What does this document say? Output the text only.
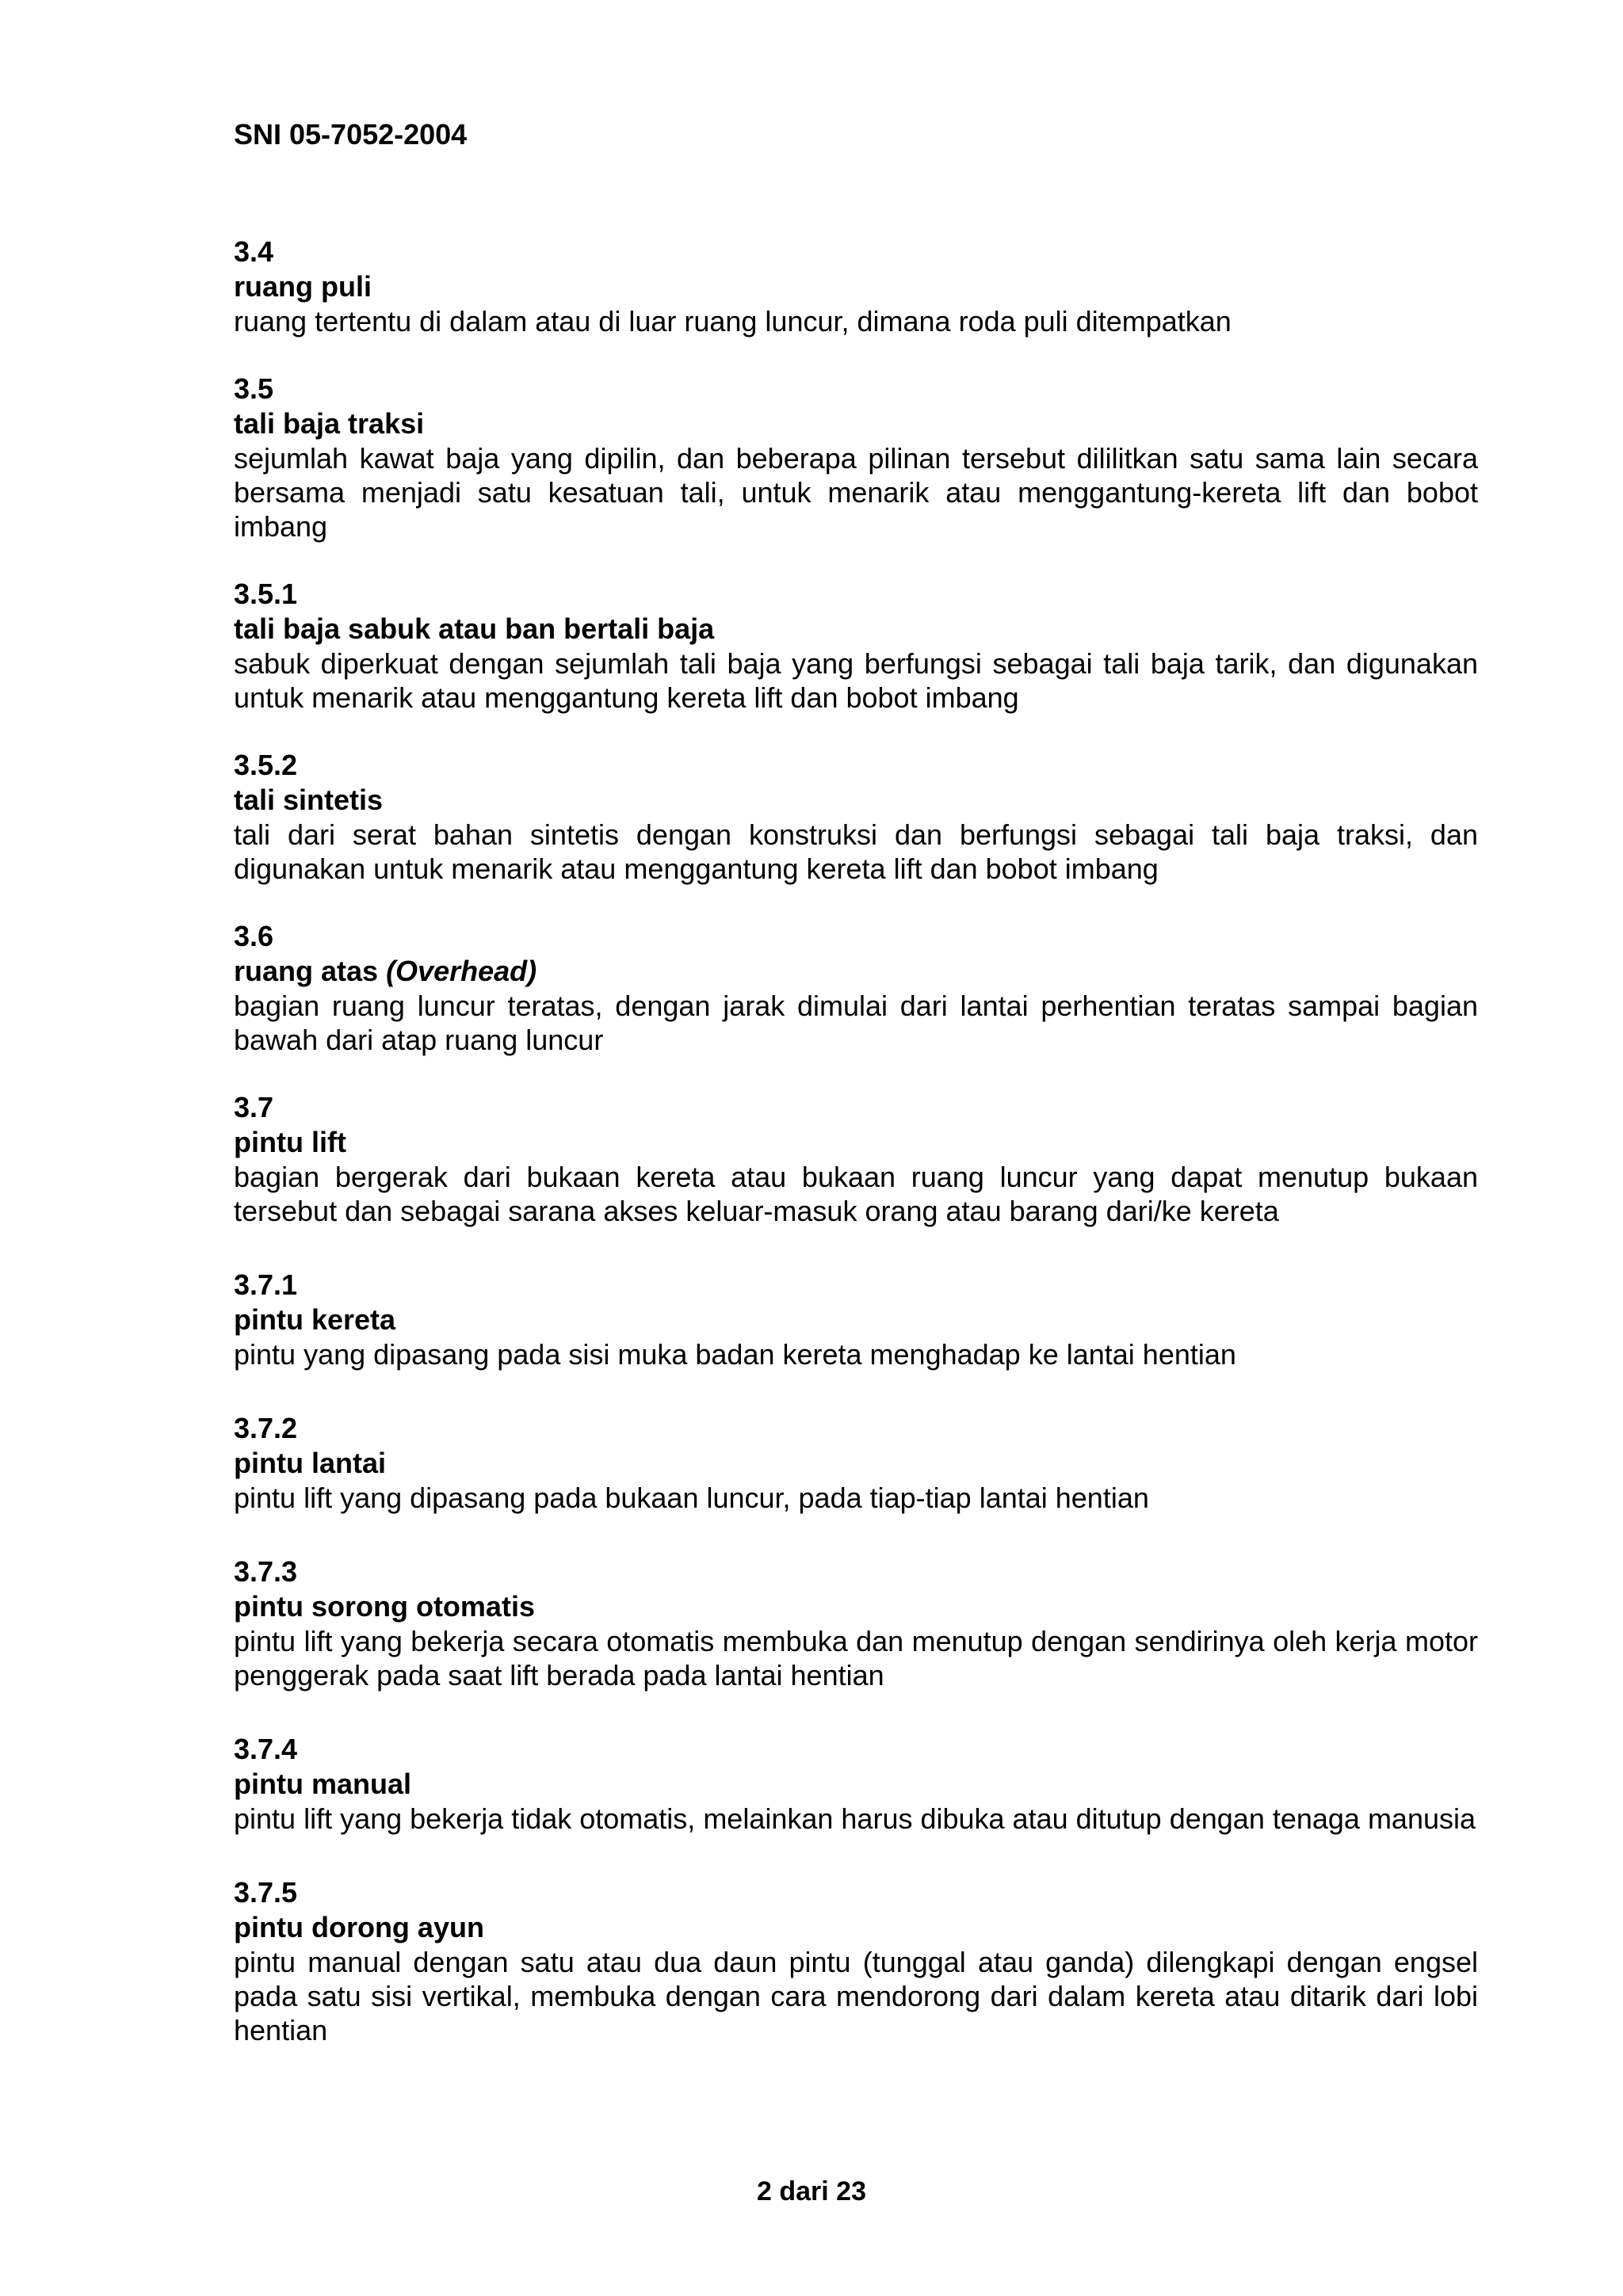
SNI 05-7052-2004

3.4

ruang puli

ruang tertentu di dalam atau di luar ruang luncur, dimana roda puli ditempatkan

3.5

tali baja traksi

sejumlah kawat baja yang dipilin, dan beberapa pilinan tersebut dililitkan satu sama lain secara bersama menjadi satu kesatuan tali, untuk menarik atau menggantung-kereta lift dan bobot imbang

3.5.1

tali baja sabuk atau ban bertali baja

sabuk diperkuat dengan sejumlah tali baja yang berfungsi sebagai tali baja tarik, dan digunakan untuk menarik atau menggantung kereta lift dan bobot imbang

3.5.2

tali sintetis

tali dari serat bahan sintetis dengan konstruksi dan berfungsi sebagai tali baja traksi, dan digunakan untuk menarik atau menggantung kereta lift dan bobot imbang

3.6

ruang atas (Overhead)

bagian ruang luncur teratas, dengan jarak dimulai dari lantai perhentian teratas sampai bagian bawah dari atap ruang luncur

3.7

pintu lift

bagian bergerak dari bukaan kereta atau bukaan ruang luncur yang dapat menutup bukaan tersebut dan sebagai sarana akses keluar-masuk orang atau barang dari/ke kereta

3.7.1

pintu kereta

pintu yang dipasang pada sisi muka badan kereta menghadap ke lantai hentian

3.7.2

pintu lantai

pintu lift yang dipasang pada bukaan luncur, pada tiap-tiap lantai hentian

3.7.3

pintu sorong otomatis

pintu lift yang bekerja secara otomatis membuka dan menutup dengan sendirinya oleh kerja motor penggerak pada saat lift berada pada lantai hentian

3.7.4

pintu manual

pintu lift yang bekerja tidak otomatis, melainkan harus dibuka atau ditutup dengan tenaga manusia

3.7.5

pintu dorong ayun

pintu manual dengan satu atau dua daun pintu (tunggal atau ganda) dilengkapi dengan engsel pada satu sisi vertikal, membuka dengan cara mendorong dari dalam kereta atau ditarik dari lobi hentian

2 dari 23
